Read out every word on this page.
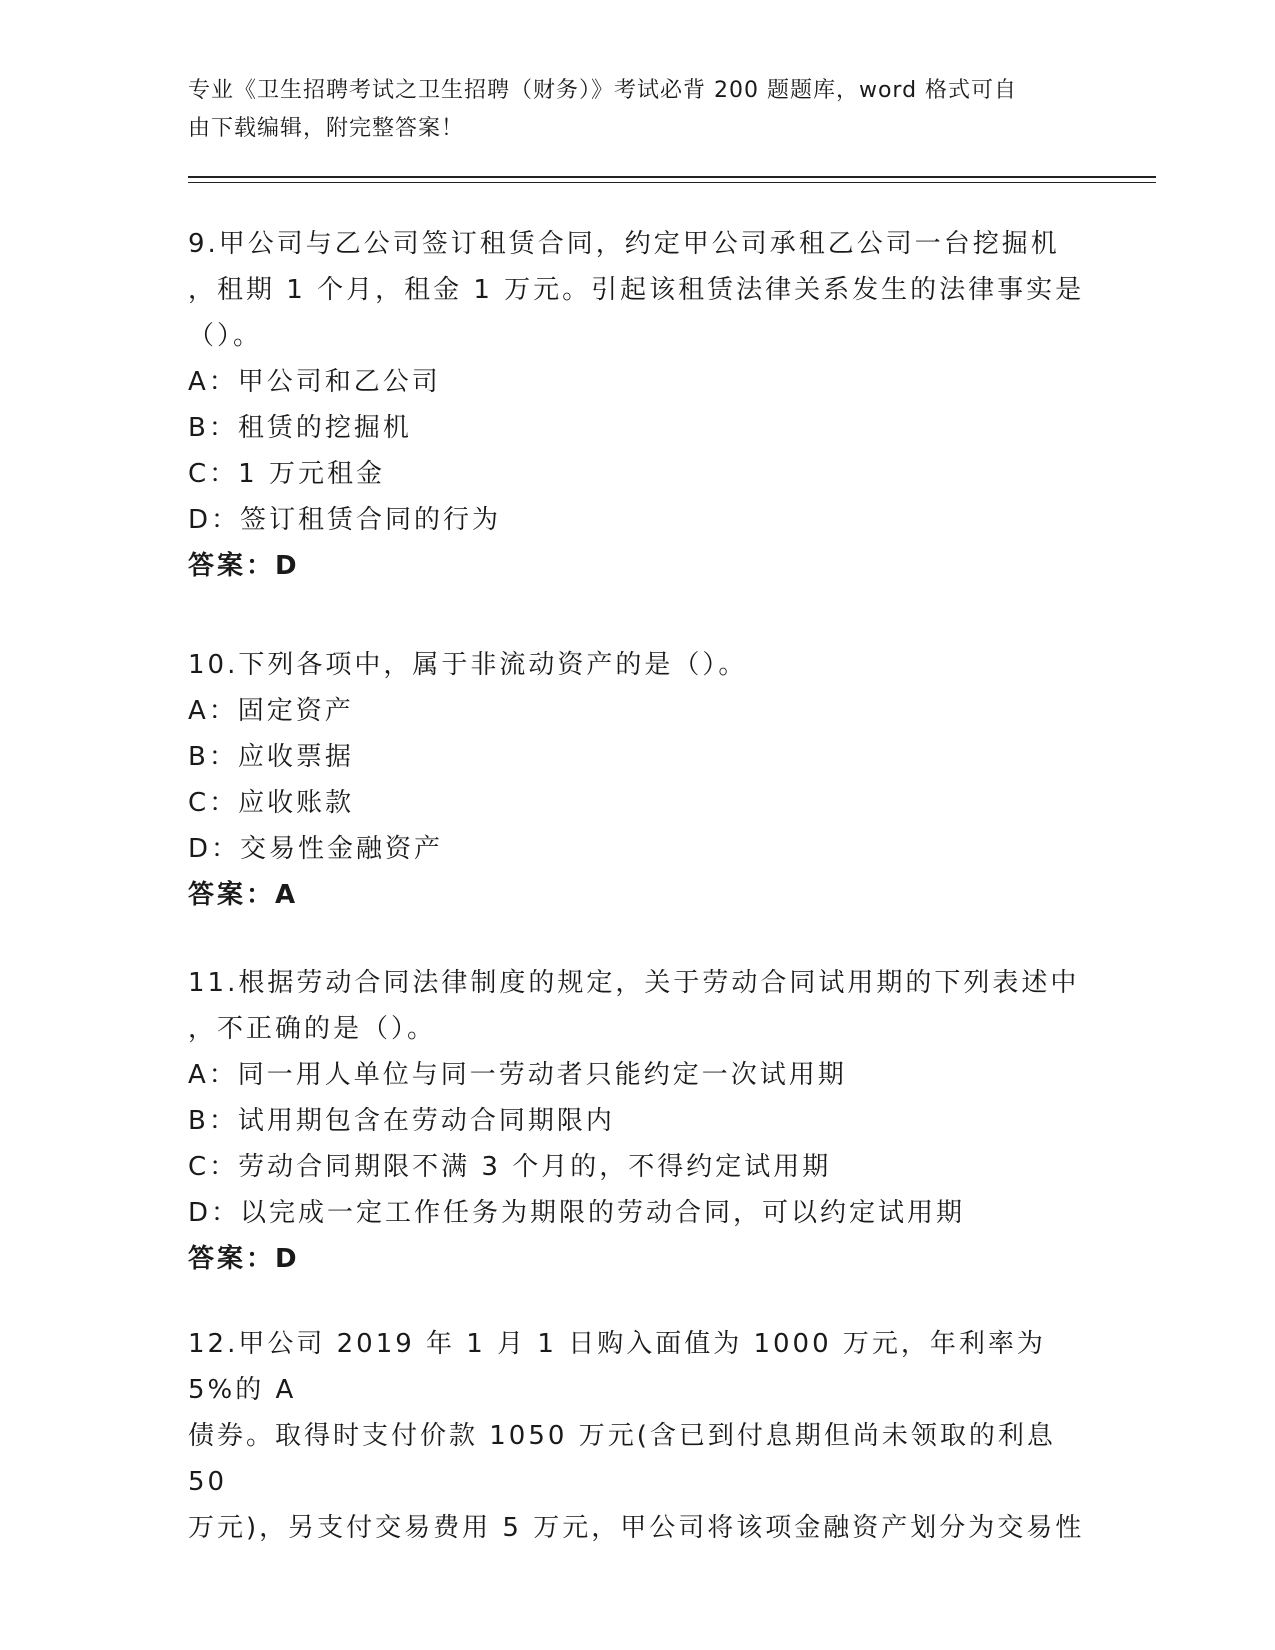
专业《卫生招聘考试之卫生招聘（财务）》考试必背 200 题题库，word 格式可自
由下载编辑，附完整答案！
9.甲公司与乙公司签订租赁合同，约定甲公司承租乙公司一台挖掘机
，租期 1 个月，租金 1 万元。引起该租赁法律关系发生的法律事实是
（）。
A：甲公司和乙公司
B：租赁的挖掘机
C：1 万元租金
D：签订租赁合同的行为
答案：D
10.下列各项中，属于非流动资产的是（）。
A：固定资产
B：应收票据
C：应收账款
D：交易性金融资产
答案：A
11.根据劳动合同法律制度的规定，关于劳动合同试用期的下列表述中
，不正确的是（）。
A：同一用人单位与同一劳动者只能约定一次试用期
B：试用期包含在劳动合同期限内
C：劳动合同期限不满 3 个月的，不得约定试用期
D：以完成一定工作任务为期限的劳动合同，可以约定试用期
答案：D
12.甲公司 2019 年 1 月 1 日购入面值为 1000 万元，年利率为 5%的 A
债券。取得时支付价款 1050 万元(含已到付息期但尚未领取的利息 50
万元)，另支付交易费用 5 万元，甲公司将该项金融资产划分为交易性
